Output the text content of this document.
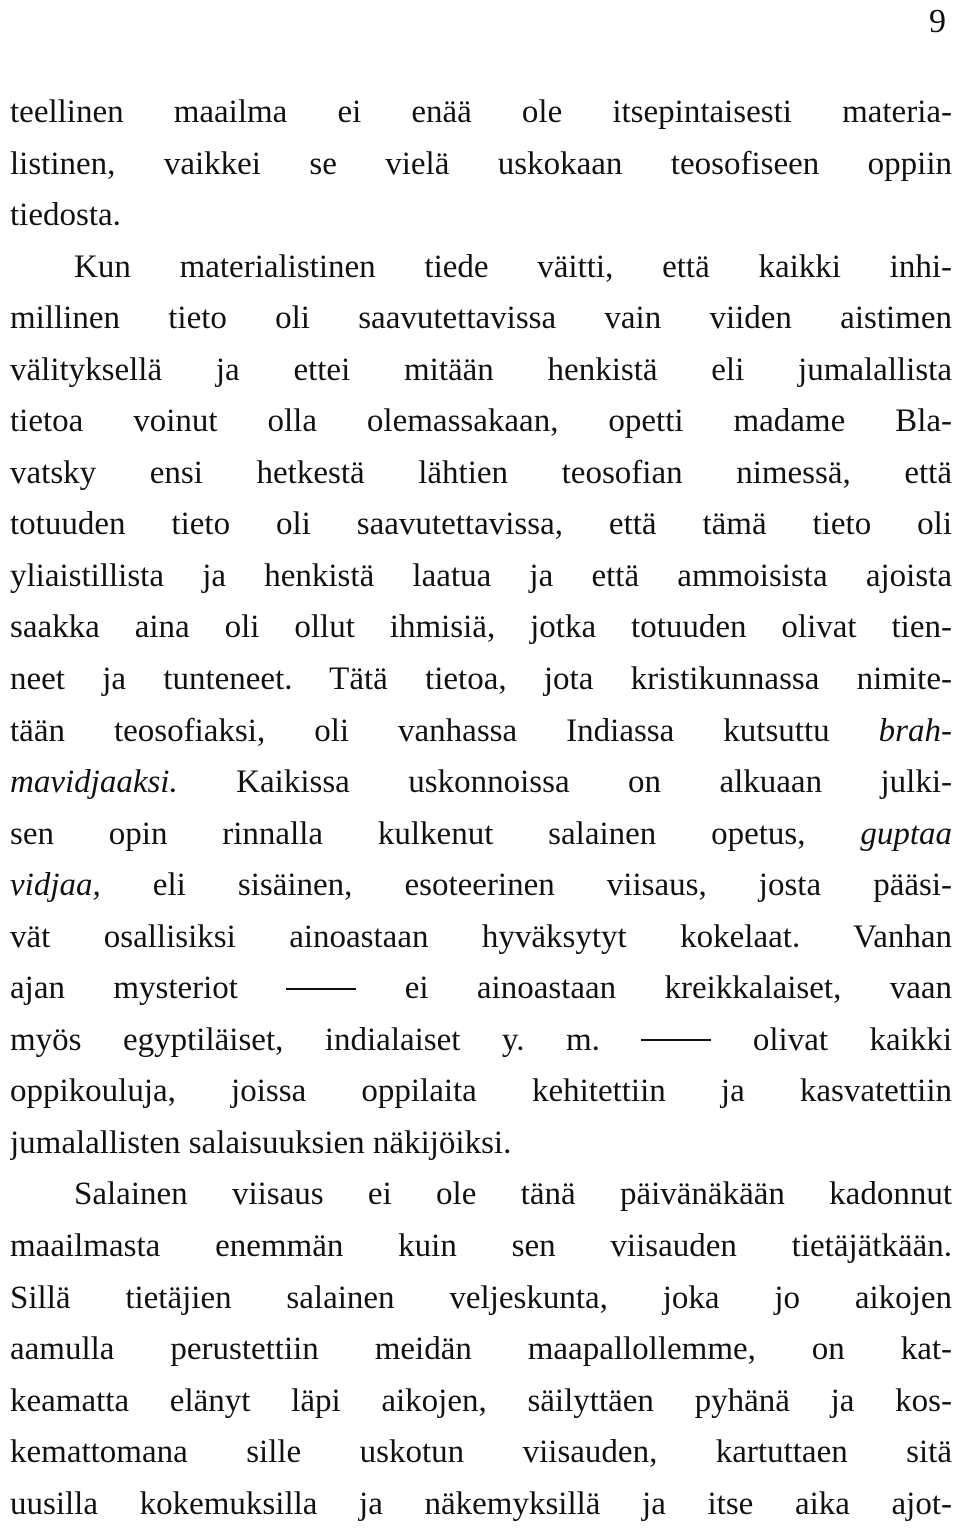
9
teellinen maailma ei enää ole itsepintaisesti materia-
listinen, vaikkei se vielä uskokaan teosofiseen oppiin
tiedosta.
Kun materialistinen tiede väitti, että kaikki inhi-
millinen tieto oli saavutettavissa vain viiden aistimen
välityksellä ja ettei mitään henkistä eli jumalallista
tietoa voinut olla olemassakaan, opetti madame Bla-
vatsky ensi hetkestä lähtien teosofian nimessä, että
totuuden tieto oli saavutettavissa, että tämä tieto oli
yliaistillista ja henkistä laatua ja että ammoisista ajoista
saakka aina oli ollut ihmisiä, jotka totuuden olivat tien-
neet ja tunteneet. Tätä tietoa, jota kristikunnassa nimite-
tään teosofiaksi, oli vanhassa Indiassa kutsuttu brah-
mavidjaaksi. Kaikissa uskonnoissa on alkuaan julki-
sen opin rinnalla kulkenut salainen opetus, guptaa
vidjaa, eli sisäinen, esoteerinen viisaus, josta pääsi-
vät osallisiksi ainoastaan hyväksytyt kokelaat. Vanhan
ajan mysteriot  ei ainoastaan kreikkalaiset, vaan
myös egyptiläiset, indialaiset y. m.  olivat kaikki
oppikouluja, joissa oppilaita kehitettiin ja kasvatettiin
jumalallisten salaisuuksien näkijöiksi.
Salainen viisaus ei ole tänä päivänäkään kadonnut
maailmasta enemmän kuin sen viisauden tietäjätkään.
Sillä tietäjien salainen veljeskunta, joka jo aikojen
aamulla perustettiin meidän maapallollemme, on kat-
keamatta elänyt läpi aikojen, säilyttäen pyhänä ja kos-
kemattomana sille uskotun viisauden, kartuttaen sitä
uusilla kokemuksilla ja näkemyksillä ja itse aika ajot-
